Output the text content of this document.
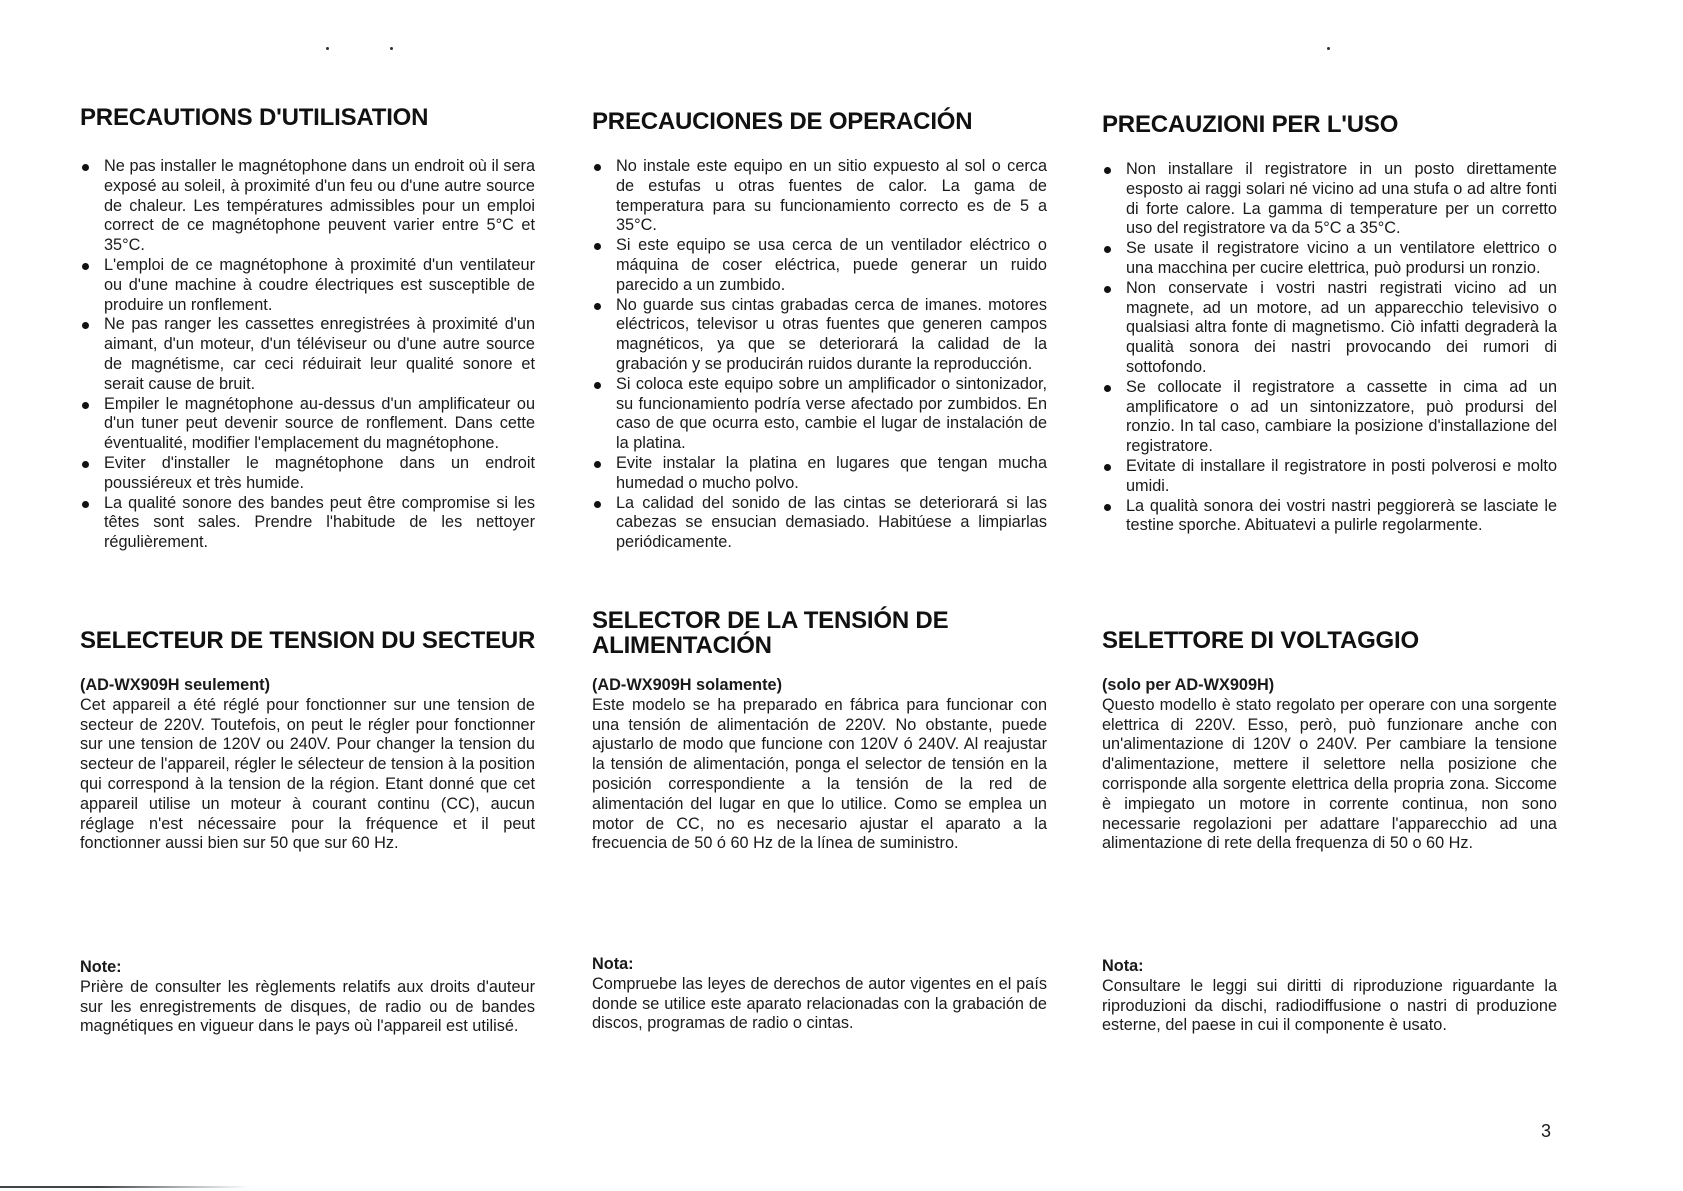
PRECAUTIONS D'UTILISATION
Ne pas installer le magnétophone dans un endroit où il sera exposé au soleil, à proximité d'un feu ou d'une autre source de chaleur. Les températures admissibles pour un emploi correct de ce magnétophone peuvent varier entre 5°C et 35°C.
L'emploi de ce magnétophone à proximité d'un ventilateur ou d'une machine à coudre électriques est susceptible de produire un ronflement.
Ne pas ranger les cassettes enregistrées à proximité d'un aimant, d'un moteur, d'un téléviseur ou d'une autre source de magnétisme, car ceci réduirait leur qualité sonore et serait cause de bruit.
Empiler le magnétophone au-dessus d'un amplificateur ou d'un tuner peut devenir source de ronflement. Dans cette éventualité, modifier l'emplacement du magnétophone.
Eviter d'installer le magnétophone dans un endroit poussiéreux et très humide.
La qualité sonore des bandes peut être compromise si les têtes sont sales. Prendre l'habitude de les nettoyer régulièrement.
SELECTEUR DE TENSION DU SECTEUR

(AD-WX909H seulement)

Cet appareil a été réglé pour fonctionner sur une tension de secteur de 220V. Toutefois, on peut le régler pour fonctionner sur une tension de 120V ou 240V. Pour changer la tension du secteur de l'appareil, régler le sélecteur de tension à la position qui correspond à la tension de la région. Etant donné que cet appareil utilise un moteur à courant continu (CC), aucun réglage n'est nécessaire pour la fréquence et il peut fonctionner aussi bien sur 50 que sur 60 Hz.

Note:

Prière de consulter les règlements relatifs aux droits d'auteur sur les enregistrements de disques, de radio ou de bandes magnétiques en vigueur dans le pays où l'appareil est utilisé.

PRECAUCIONES DE OPERACIÓN
No instale este equipo en un sitio expuesto al sol o cerca de estufas u otras fuentes de calor. La gama de temperatura para su funcionamiento correcto es de 5 a 35°C.
Si este equipo se usa cerca de un ventilador eléctrico o máquina de coser eléctrica, puede generar un ruido parecido a un zumbido.
No guarde sus cintas grabadas cerca de imanes. motores eléctricos, televisor u otras fuentes que generen campos magnéticos, ya que se deteriorará la calidad de la grabación y se producirán ruidos durante la reproducción.
Si coloca este equipo sobre un amplificador o sintonizador, su funcionamiento podría verse afectado por zumbidos. En caso de que ocurra esto, cambie el lugar de instalación de la platina.
Evite instalar la platina en lugares que tengan mucha humedad o mucho polvo.
La calidad del sonido de las cintas se deteriorará si las cabezas se ensucian demasiado. Habitúese a limpiarlas periódicamente.
SELECTOR DE LA TENSIÓN DE
ALIMENTACIÓN

(AD-WX909H solamente)

Este modelo se ha preparado en fábrica para funcionar con una tensión de alimentación de 220V. No obstante, puede ajustarlo de modo que funcione con 120V ó 240V. Al reajustar la tensión de alimentación, ponga el selector de tensión en la posición correspondiente a la tensión de la red de alimentación del lugar en que lo utilice. Como se emplea un motor de CC, no es necesario ajustar el aparato a la frecuencia de 50 ó 60 Hz de la línea de suministro.

Nota:

Compruebe las leyes de derechos de autor vigentes en el país donde se utilice este aparato relacionadas con la grabación de discos, programas de radio o cintas.

PRECAUZIONI PER L'USO
Non installare il registratore in un posto direttamente esposto ai raggi solari né vicino ad una stufa o ad altre fonti di forte calore. La gamma di temperature per un corretto uso del registratore va da 5°C a 35°C.
Se usate il registratore vicino a un ventilatore elettrico o una macchina per cucire elettrica, può prodursi un ronzio.
Non conservate i vostri nastri registrati vicino ad un magnete, ad un motore, ad un apparecchio televisivo o qualsiasi altra fonte di magnetismo. Ciò infatti degraderà la qualità sonora dei nastri provocando dei rumori di sottofondo.
Se collocate il registratore a cassette in cima ad un amplificatore o ad un sintonizzatore, può prodursi del ronzio. In tal caso, cambiare la posizione d'installazione del registratore.
Evitate di installare il registratore in posti polverosi e molto umidi.
La qualità sonora dei vostri nastri peggiorerà se lasciate le testine sporche. Abituatevi a pulirle regolarmente.
SELETTORE DI VOLTAGGIO

(solo per AD-WX909H)

Questo modello è stato regolato per operare con una sorgente elettrica di 220V. Esso, però, può funzionare anche con un'alimentazione di 120V o 240V. Per cambiare la tensione d'alimentazione, mettere il selettore nella posizione che corrisponde alla sorgente elettrica della propria zona. Siccome è impiegato un motore in corrente continua, non sono necessarie regolazioni per adattare l'apparecchio ad una alimentazione di rete della frequenza di 50 o 60 Hz.

Nota:

Consultare le leggi sui diritti di riproduzione riguardante la riproduzioni da dischi, radiodiffusione o nastri di produzione esterne, del paese in cui il componente è usato.

3
